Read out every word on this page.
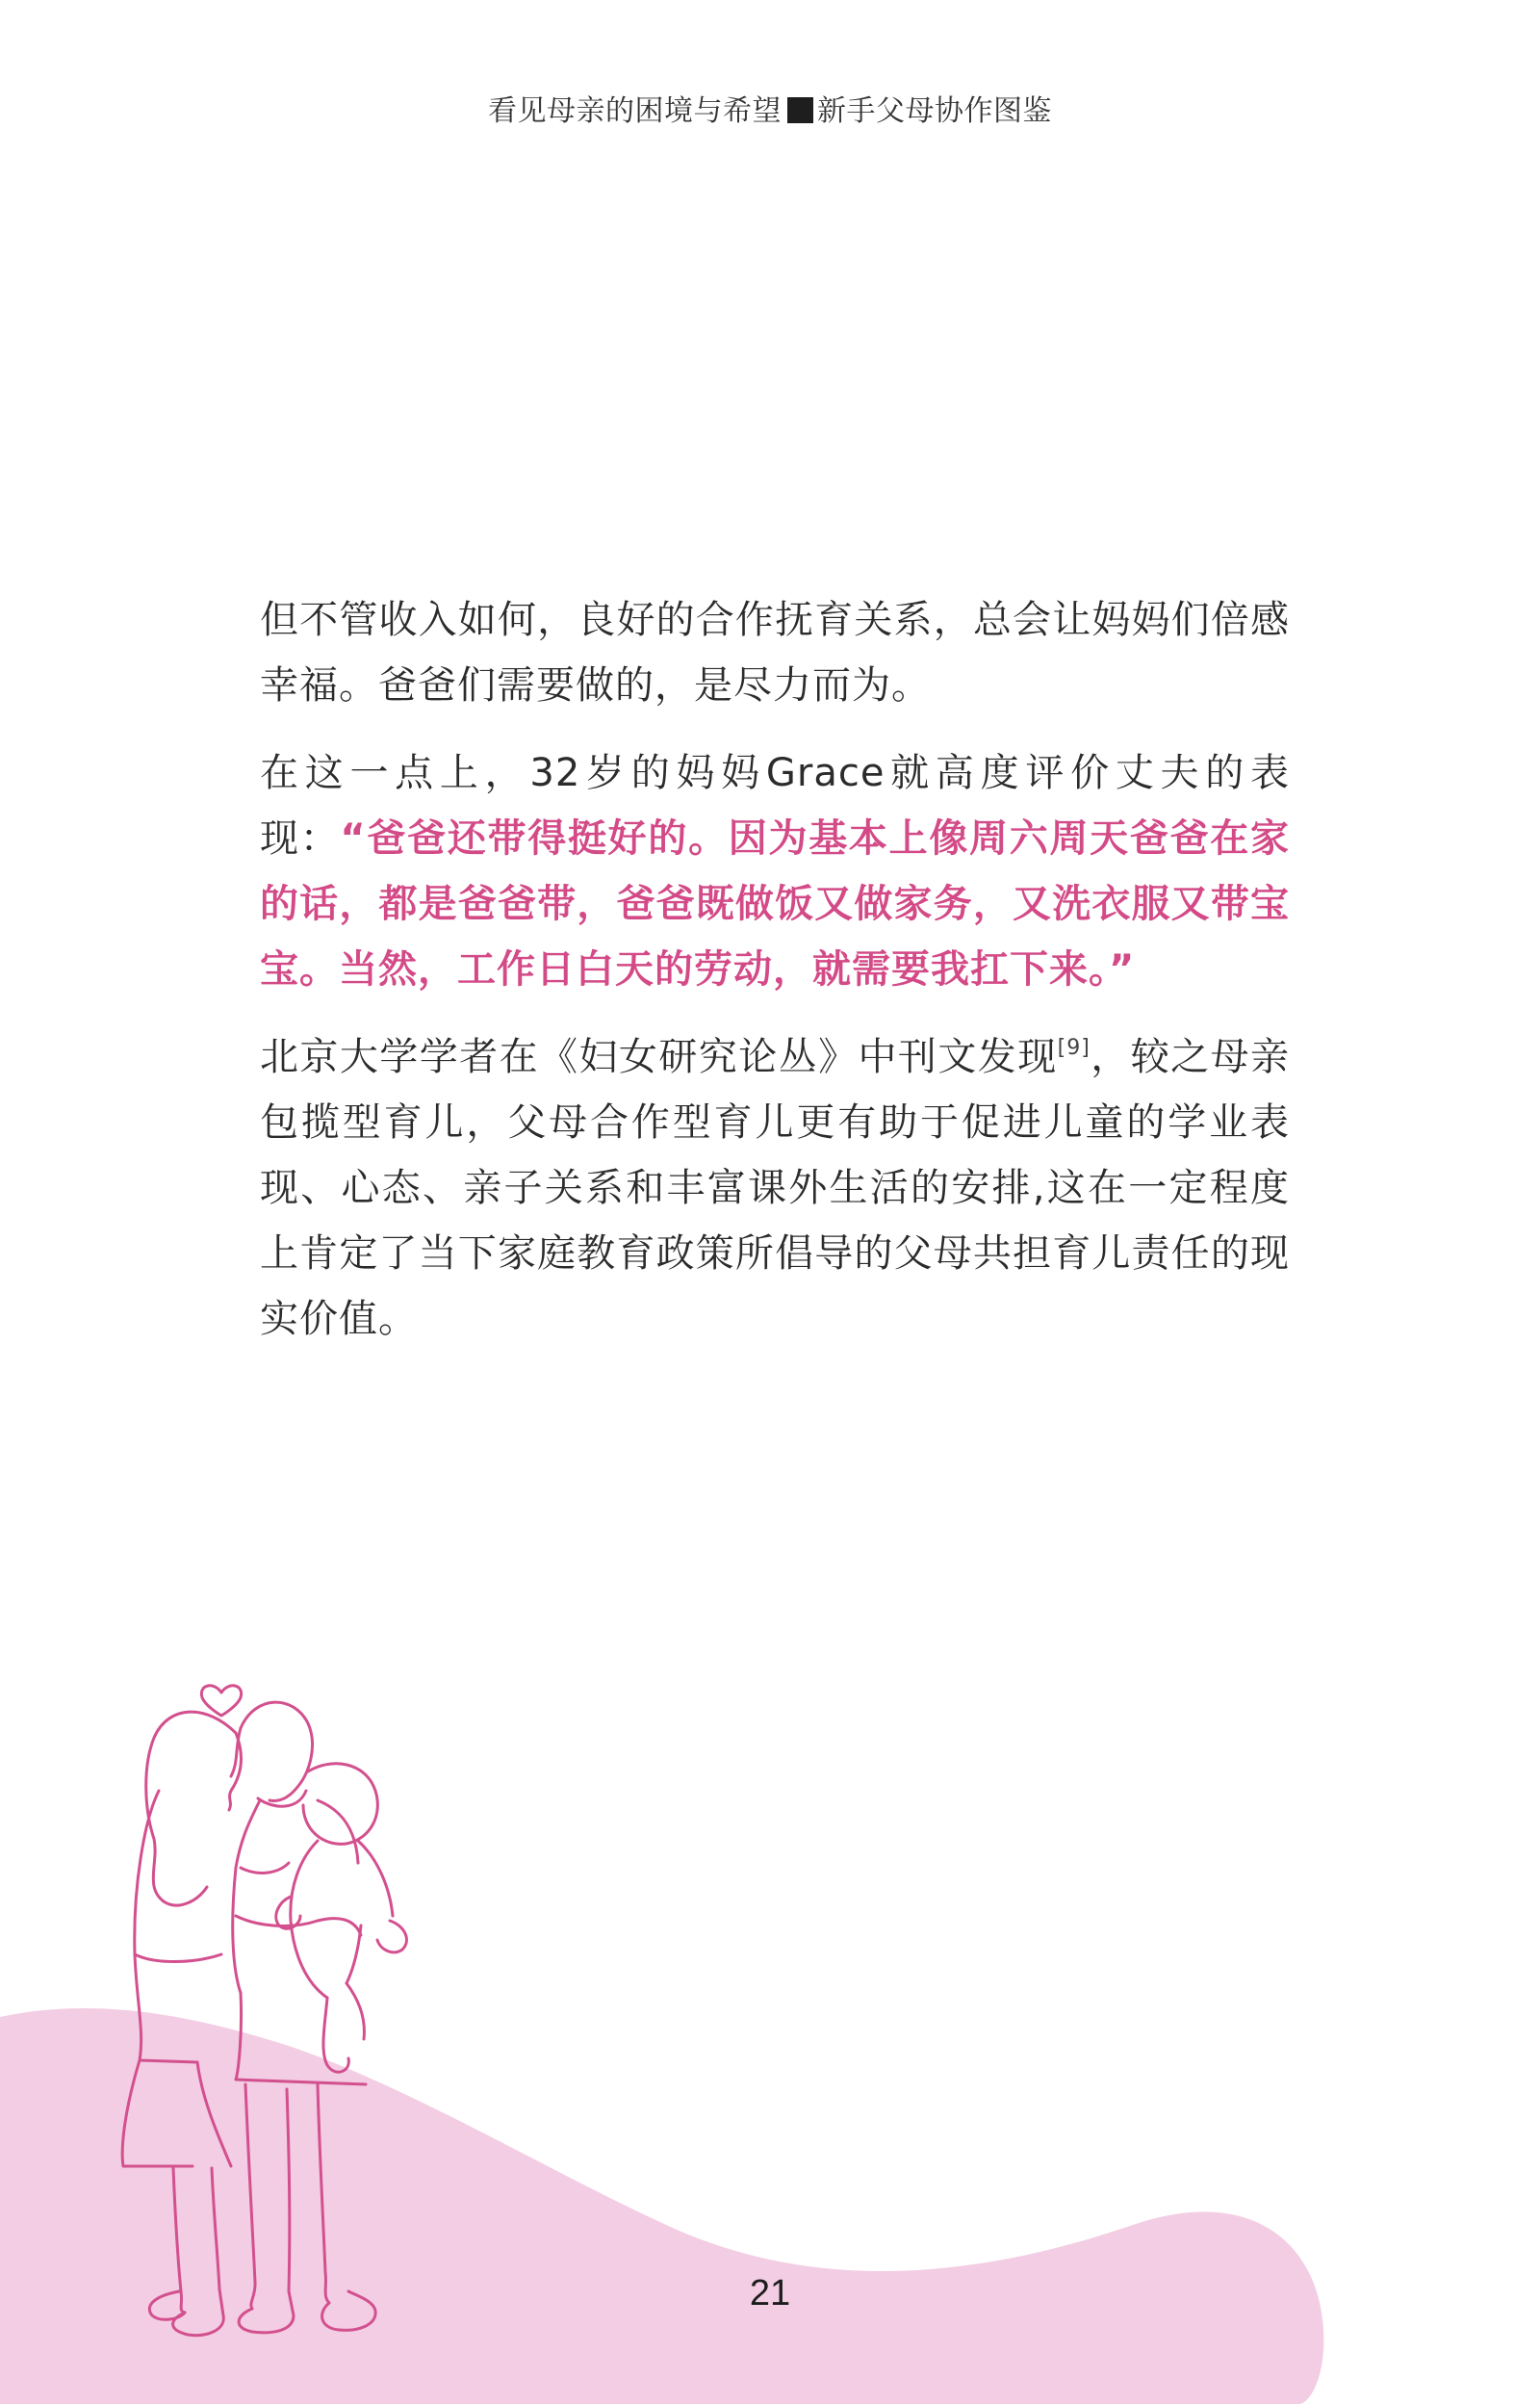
看见母亲的困境与希望 新手父母协作图鉴

但不管收入如何，良好的合作抚育关系，总会让妈妈们倍感幸福。爸爸们需要做的，是尽力而为。

在这一点上，32岁的妈妈Grace就高度评价丈夫的表现：“爸爸还带得挺好的。因为基本上像周六周天爸爸在家的话，都是爸爸带，爸爸既做饭又做家务，又洗衣服又带宝宝。当然，工作日白天的劳动，就需要我扛下来。”

北京大学学者在《妇女研究论丛》中刊文发现[9]，较之母亲包揽型育儿，父母合作型育儿更有助于促进儿童的学业表现、心态、亲子关系和丰富课外生活的安排,这在一定程度上肯定了当下家庭教育政策所倡导的父母共担育儿责任的现实价值。

21
